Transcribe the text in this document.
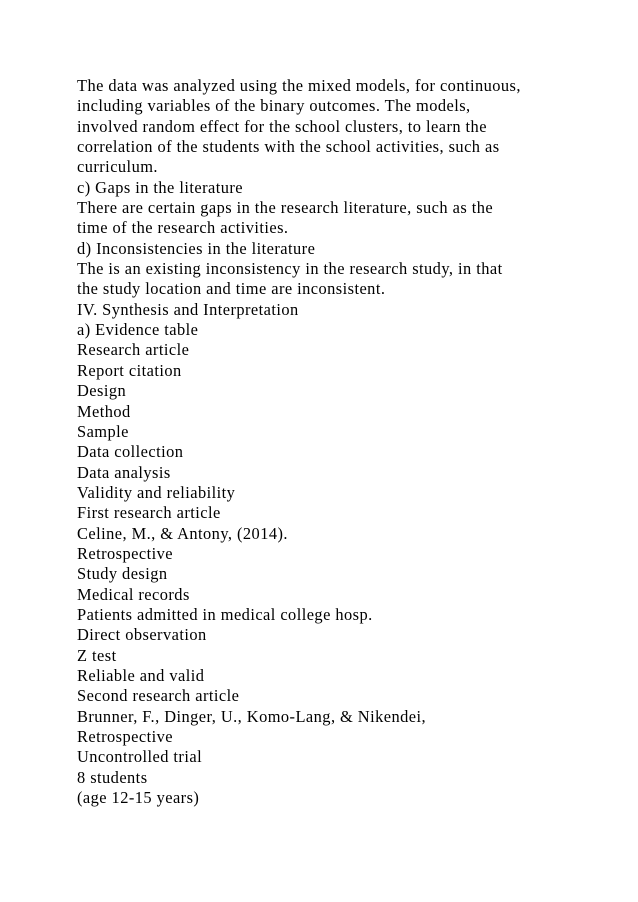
The data was analyzed using the mixed models, for continuous,
including variables of the binary outcomes. The models,
involved random effect for the school clusters, to learn the
correlation of the students with the school activities, such as
curriculum.
c) Gaps in the literature
There are certain gaps in the research literature, such as the
time of the research activities.
d) Inconsistencies in the literature
The is an existing inconsistency in the research study, in that
the study location and time are inconsistent.
IV. Synthesis and Interpretation
a) Evidence table
Research article
Report citation
Design
Method
Sample
Data collection
Data analysis
Validity and reliability
First research article
Celine, M., & Antony, (2014).
Retrospective
Study design
Medical records
Patients admitted in medical college hosp.
Direct observation
Z test
Reliable and valid
Second research article
Brunner, F., Dinger, U., Komo-Lang, & Nikendei,
Retrospective
Uncontrolled trial
8 students
(age 12-15 years)
